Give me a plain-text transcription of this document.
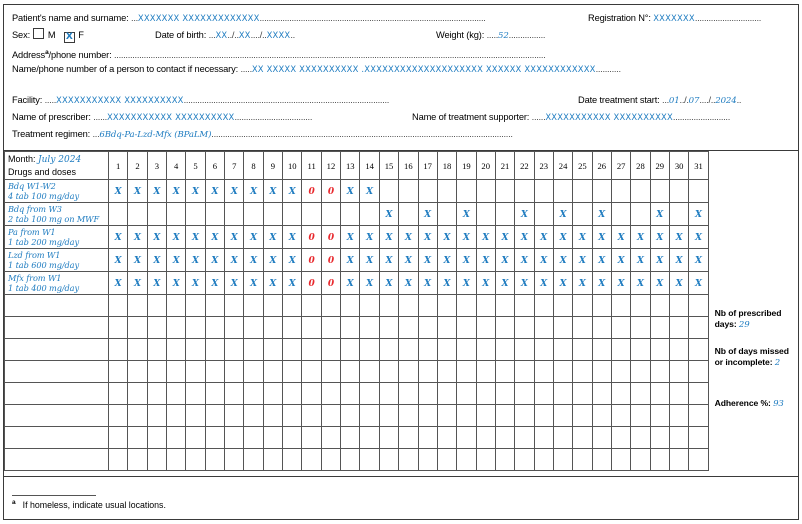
Patient's name and surname: ...XXXXXXX XXXXXXXXXXXXX...................................................................................................	Registration N°: XXXXXXX.............................
Sex: M X F	Date of birth: ...XX../..XX..../..XXXX..	Weight (kg): .....52................
Address$^a$/phone number: .............................................................................................................................................................................................
Name/phone number of a person to contact if necessary: .....XX XXXXX XXXXXXXXXX .XXXXXXXXXXXXXXXXXXXX XXXXXX XXXXXXXXXXXX...........
Facility: .....XXXXXXXXXXX XXXXXXXXXX..........................................................................................	Date treatment start: ...01../.07..../..2024..
Name of prescriber: ......XXXXXXXXXXX XXXXXXXXXX..................................	Name of treatment supporter: ......XXXXXXXXXXX XXXXXXXXXX.........................
Treatment regimen: ...6Bdq-Pa-Lzd-Mfx (BPaLM)....................................................................................................................................
Month: July 2024
Drugs and doses
	1	2	3	4	5	6	7	8	9	10	11	12	13	14	15	16	17	18	19	20	21	22	23	24	25	26	27	28	29	30	31	
Nb of prescribed
days: 29
Nb of days missed
or incomplete: 2
Adherence %: 93

Bdq W1-W2
4 tab 100 mg/day	X	X	X	X	X	X	X	X	X	X	0	0	X	X																		

Bdq from W3
2 tab 100 mg on MWF															X		X		X			X		X		X			X		X	

Pa from W1
1 tab 200 mg/day	X	X	X	X	X	X	X	X	X	X	0	0	X	X	X	X	X	X	X	X	X	X	X	X	X	X	X	X	X	X	X	

Lzd from W1
1 tab 600 mg/day	X	X	X	X	X	X	X	X	X	X	0	0	X	X	X	X	X	X	X	X	X	X	X	X	X	X	X	X	X	X	X	

Mfx from W1
1 tab 400 mg/day	X	X	X	X	X	X	X	X	X	X	0	0	X	X	X	X	X	X	X	X	X	X	X	X	X	X	X	X	X	X	X	

$^a$ If homeless, indicate usual locations.
